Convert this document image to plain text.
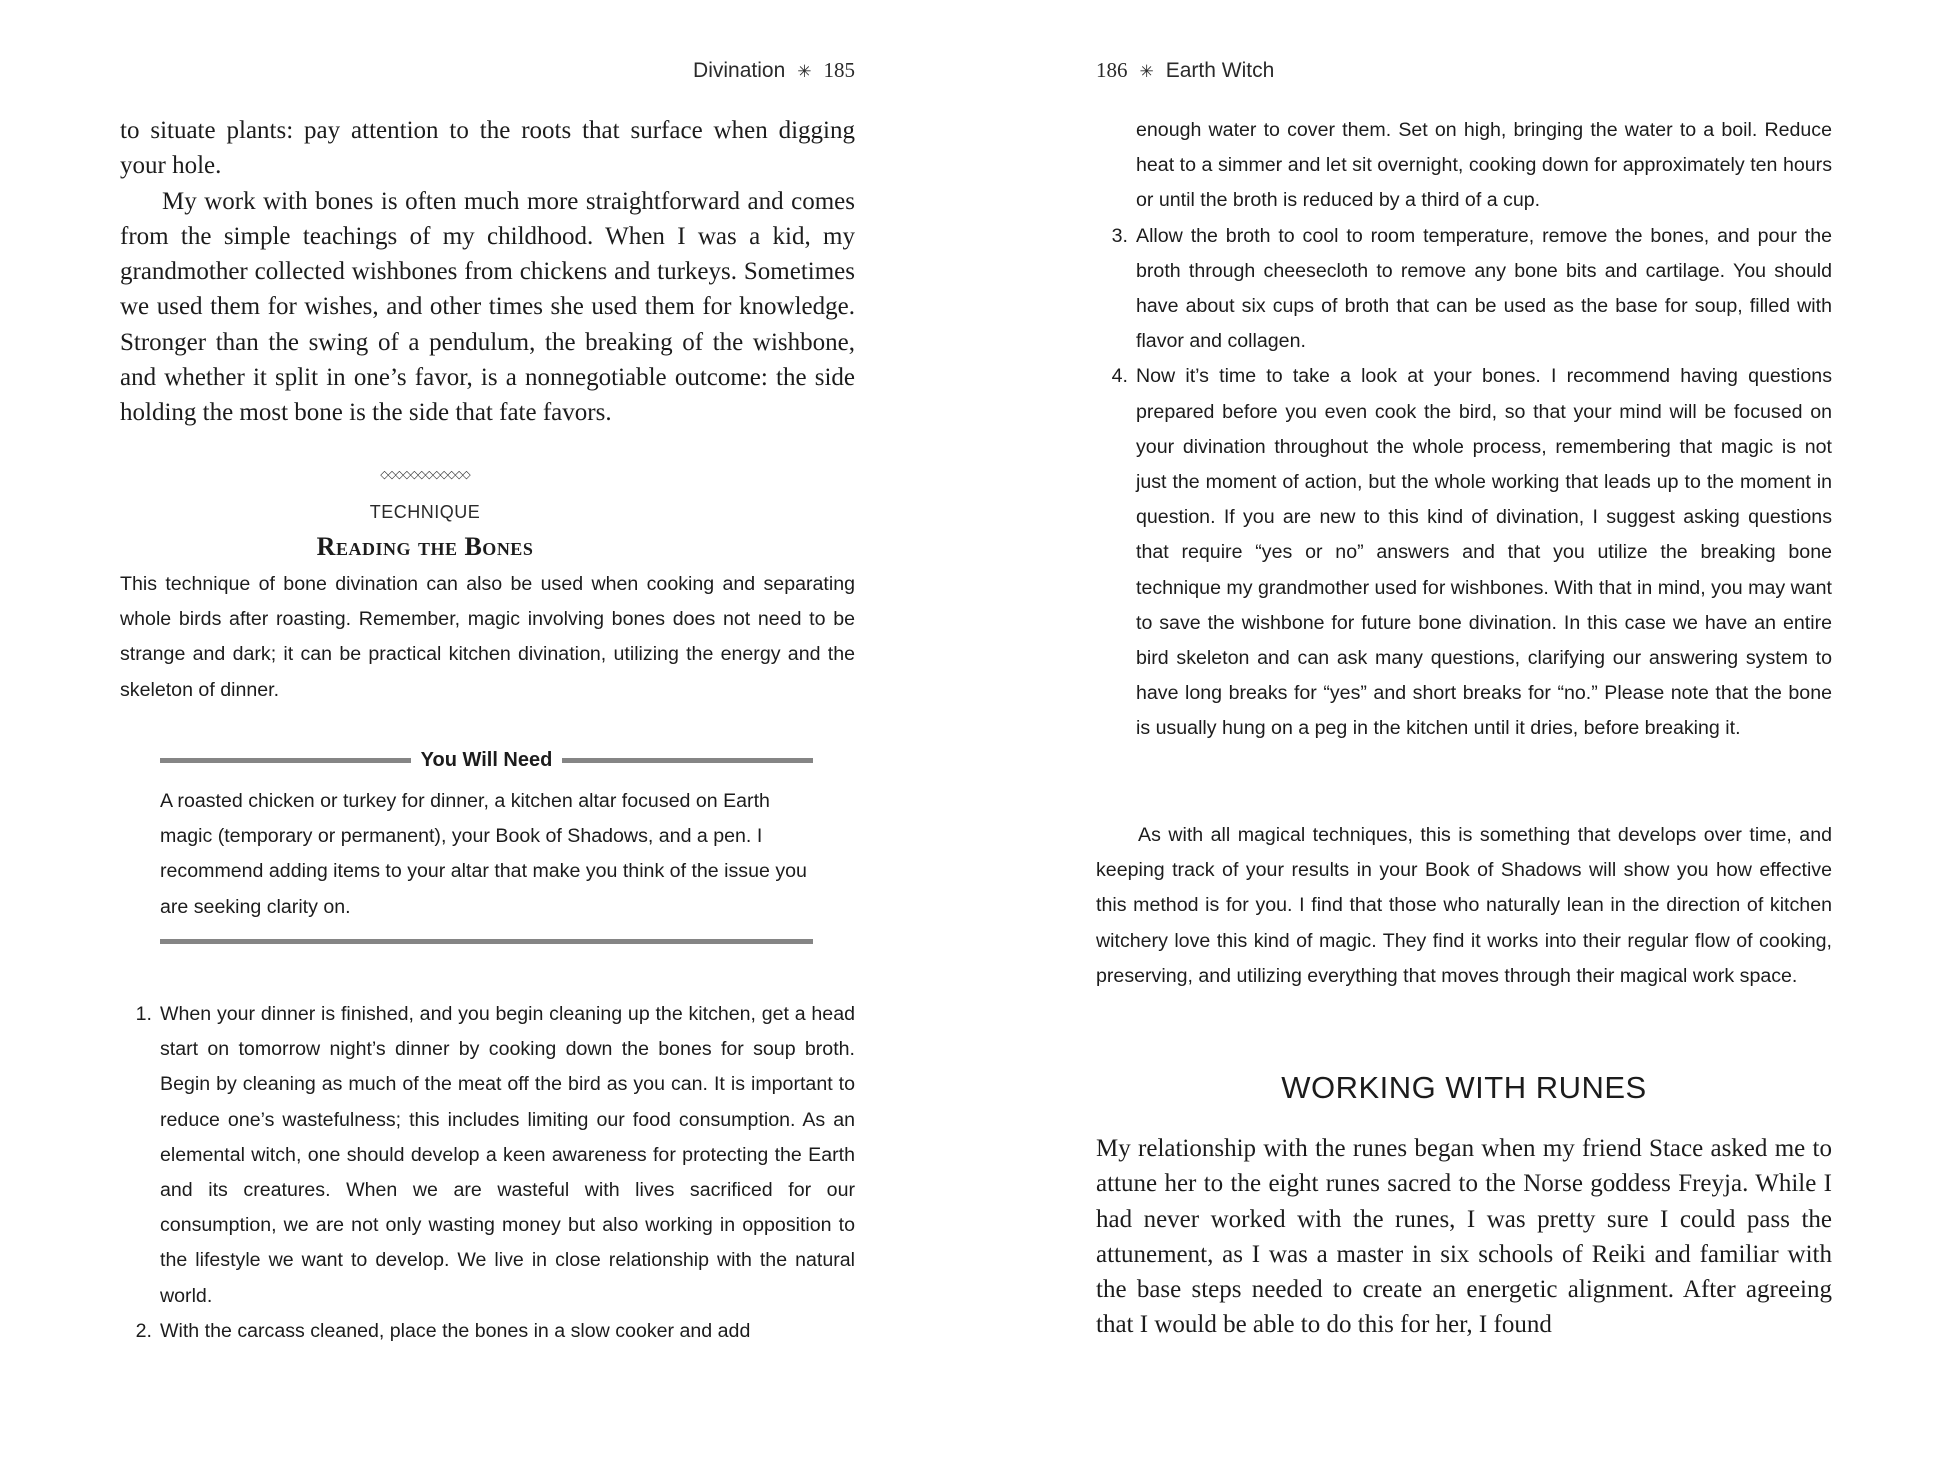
Divination ✳ 185

to situate plants: pay attention to the roots that surface when digging your hole.

My work with bones is often much more straightforward and comes from the simple teachings of my childhood. When I was a kid, my grandmother collected wishbones from chickens and turkeys. Sometimes we used them for wishes, and other times she used them for knowledge. Stronger than the swing of a pendulum, the breaking of the wishbone, and whether it split in one’s favor, is a nonnegotiable outcome: the side holding the most bone is the side that fate favors.

◇◇◇◇◇◇◇◇◇◇◇◇
TECHNIQUE
Reading the Bones

This technique of bone divination can also be used when cooking and separating whole birds after roasting. Remember, magic involving bones does not need to be strange and dark; it can be practical kitchen divination, utilizing the energy and the skeleton of dinner.

You Will Need
A roasted chicken or turkey for dinner, a kitchen altar focused on Earth magic (temporary or permanent), your Book of Shadows, and a pen. I recommend adding items to your altar that make you think of the issue you are seeking clarity on.
1. When your dinner is finished, and you begin cleaning up the kitchen, get a head start on tomorrow night’s dinner by cooking down the bones for soup broth. Begin by cleaning as much of the meat off the bird as you can. It is important to reduce one’s wastefulness; this includes limiting our food consumption. As an elemental witch, one should develop a keen awareness for protecting the Earth and its creatures. When we are wasteful with lives sacrificed for our consumption, we are not only wasting money but also working in opposition to the lifestyle we want to develop. We live in close relationship with the natural world.
2. With the carcass cleaned, place the bones in a slow cooker and add
186 ✳ Earth Witch

enough water to cover them. Set on high, bringing the water to a boil. Reduce heat to a simmer and let sit overnight, cooking down for approximately ten hours or until the broth is reduced by a third of a cup.

3. Allow the broth to cool to room temperature, remove the bones, and pour the broth through cheesecloth to remove any bone bits and cartilage. You should have about six cups of broth that can be used as the base for soup, filled with flavor and collagen.
4. Now it’s time to take a look at your bones. I recommend having questions prepared before you even cook the bird, so that your mind will be focused on your divination throughout the whole process, remembering that magic is not just the moment of action, but the whole working that leads up to the moment in question. If you are new to this kind of divination, I suggest asking questions that require “yes or no” answers and that you utilize the breaking bone technique my grandmother used for wishbones. With that in mind, you may want to save the wishbone for future bone divination. In this case we have an entire bird skeleton and can ask many questions, clarifying our answering system to have long breaks for “yes” and short breaks for “no.” Please note that the bone is usually hung on a peg in the kitchen until it dries, before breaking it.

As with all magical techniques, this is something that develops over time, and keeping track of your results in your Book of Shadows will show you how effective this method is for you. I find that those who naturally lean in the direction of kitchen witchery love this kind of magic. They find it works into their regular flow of cooking, preserving, and utilizing everything that moves through their magical work space.

WORKING WITH RUNES

My relationship with the runes began when my friend Stace asked me to attune her to the eight runes sacred to the Norse goddess Freyja. While I had never worked with the runes, I was pretty sure I could pass the attunement, as I was a master in six schools of Reiki and familiar with the base steps needed to create an energetic alignment. After agreeing that I would be able to do this for her, I found
